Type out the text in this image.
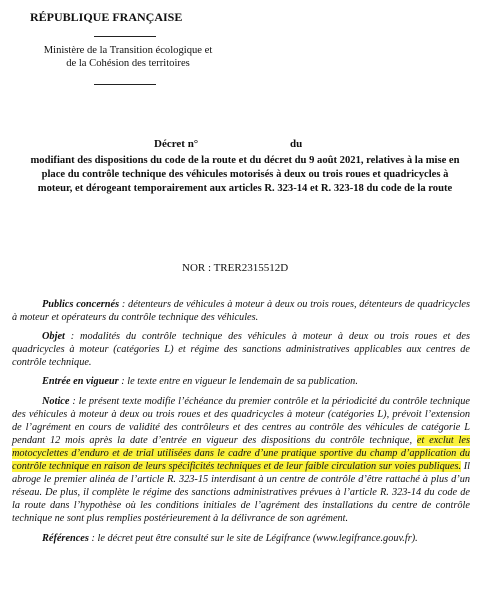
RÉPUBLIQUE FRANÇAISE
Ministère de la Transition écologique et
de la Cohésion des territoires
Décret n°	du
modifiant des dispositions du code de la route et du décret du 9 août 2021, relatives à la mise en place du contrôle technique des véhicules motorisés à deux ou trois roues et quadricycles à moteur, et dérogeant temporairement aux articles R. 323-14 et R. 323-18 du code de la route
NOR : TRER2315512D

Publics concernés : détenteurs de véhicules à moteur à deux ou trois roues, détenteurs de quadricycles à moteur et opérateurs du contrôle technique des véhicules.

Objet : modalités du contrôle technique des véhicules à moteur à deux ou trois roues et des quadricycles à moteur (catégories L) et régime des sanctions administratives applicables aux centres de contrôle technique.

Entrée en vigueur : le texte entre en vigueur le lendemain de sa publication.

Notice : le présent texte modifie l’échéance du premier contrôle et la périodicité du contrôle technique des véhicules à moteur à deux ou trois roues et des quadricycles à moteur (catégories L), prévoit l’extension de l’agrément en cours de validité des contrôleurs et des centres au contrôle des véhicules de catégorie L pendant 12 mois après la date d’entrée en vigueur des dispositions du contrôle technique, et exclut les motocyclettes d’enduro et de trial utilisées dans le cadre d’une pratique sportive du champ d’application du contrôle technique en raison de leurs spécificités techniques et de leur faible circulation sur voies publiques. Il abroge le premier alinéa de l’article R. 323-15 interdisant à un centre de contrôle d’être rattaché à plus d’un réseau. De plus, il complète le régime des sanctions administratives prévues à l’article R. 323-14 du code de la route dans l’hypothèse où les conditions initiales de l’agrément des installations du centre de contrôle technique ne sont plus remplies postérieurement à la délivrance de son agrément.

Références : le décret peut être consulté sur le site de Légifrance (www.legifrance.gouv.fr).
